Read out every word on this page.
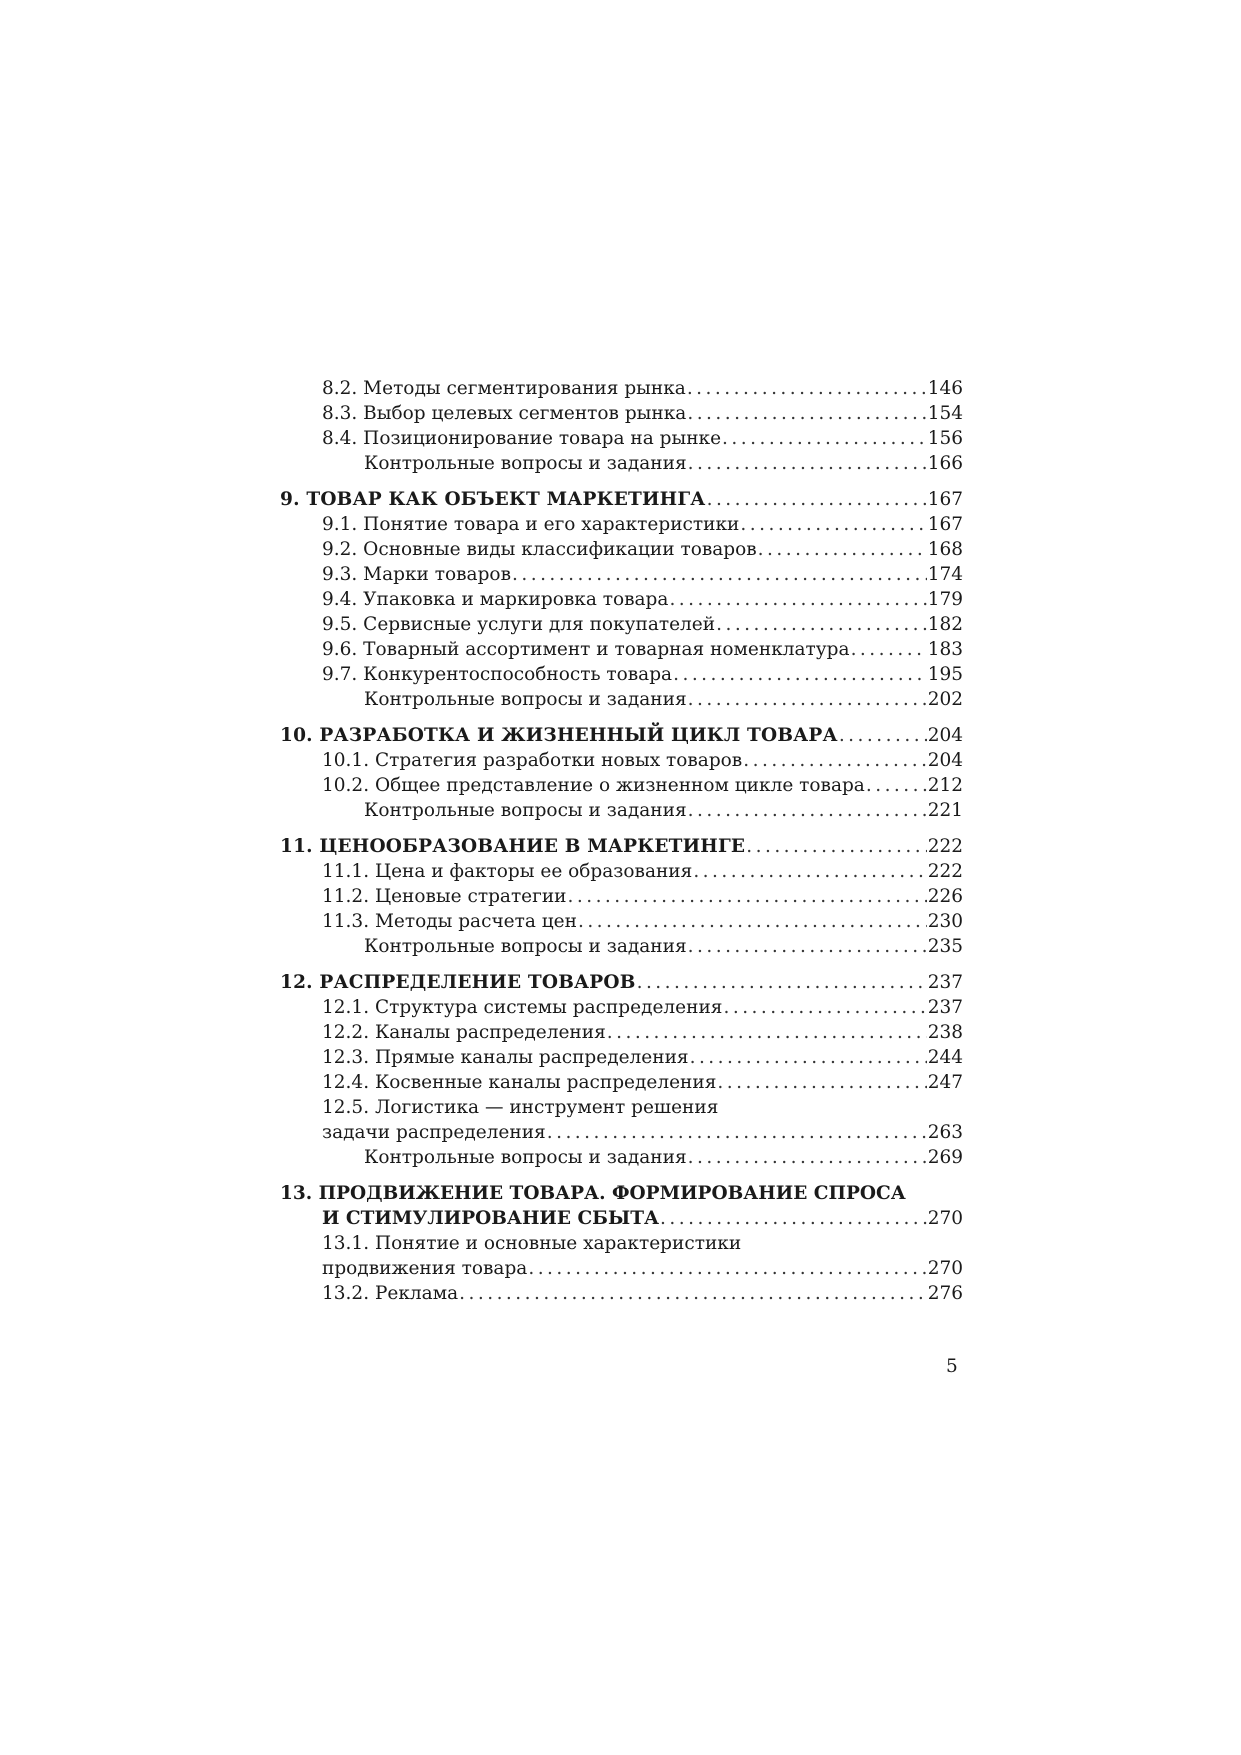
8.2. Методы сегментирования рынка . . .	146
8.3. Выбор целевых сегментов рынка . . .	154
8.4. Позиционирование товара на рынке . . .	156
Контрольные вопросы и задания . . .	166
9. ТОВАР КАК ОБЪЕКТ МАРКЕТИНГА . . .	167
9.1. Понятие товара и его характеристики . . .	167
9.2. Основные виды классификации товаров . . .	168
9.3. Марки товаров . . .	174
9.4. Упаковка и маркировка товара . . .	179
9.5. Сервисные услуги для покупателей . . .	182
9.6. Товарный ассортимент и товарная номенклатура . . .	183
9.7. Конкурентоспособность товара . . .	195
Контрольные вопросы и задания . . .	202
10. РАЗРАБОТКА И ЖИЗНЕННЫЙ ЦИКЛ ТОВАРА . . .	204
10.1. Стратегия разработки новых товаров . . .	204
10.2. Общее представление о жизненном цикле товара . . .	212
Контрольные вопросы и задания . . .	221
11. ЦЕНООБРАЗОВАНИЕ В МАРКЕТИНГЕ . . .	222
11.1. Цена и факторы ее образования . . .	222
11.2. Ценовые стратегии . . .	226
11.3. Методы расчета цен . . .	230
Контрольные вопросы и задания . . .	235
12. РАСПРЕДЕЛЕНИЕ ТОВАРОВ . . .	237
12.1. Структура системы распределения . . .	237
12.2. Каналы распределения . . .	238
12.3. Прямые каналы распределения . . .	244
12.4. Косвенные каналы распределения . . .	247
12.5. Логистика — инструмент решения
задачи распределения . . .	263
Контрольные вопросы и задания . . .	269
13. ПРОДВИЖЕНИЕ ТОВАРА. ФОРМИРОВАНИЕ СПРОСА
И СТИМУЛИРОВАНИЕ СБЫТА . . .	270
13.1. Понятие и основные характеристики
продвижения товара . . .	270
13.2. Реклама . . .	276
5
